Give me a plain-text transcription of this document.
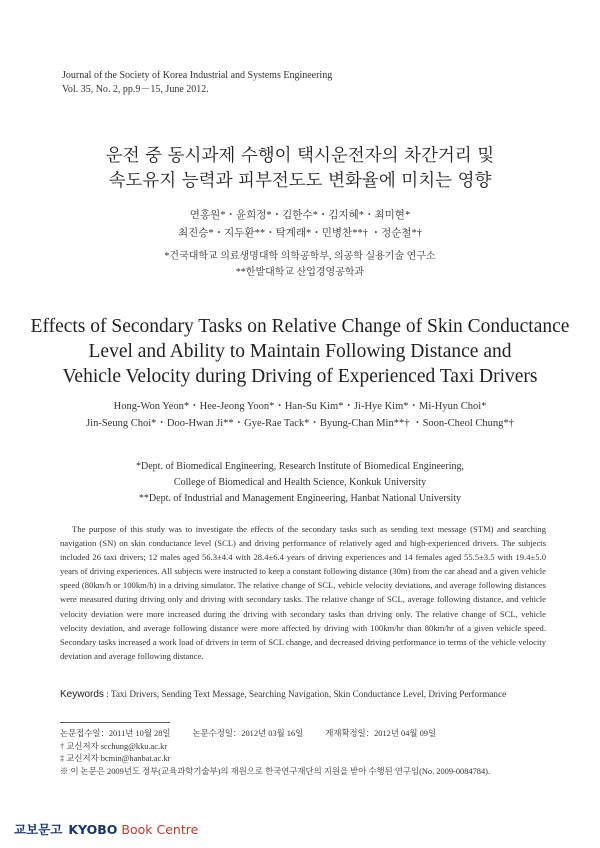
Journal of the Society of Korea Industrial and Systems Engineering
Vol. 35, No. 2, pp.9－15, June 2012.
운전 중 동시과제 수행이 택시운전자의 차간거리 및
속도유지 능력과 피부전도도 변화율에 미치는 영향
연홍원*・윤희정*・김한수*・김지혜*・최미현*
최진승*・지두환**・탁계래*・민병찬**† ・정순철*†
*건국대학교 의료생명대학 의학공학부, 의공학 실용기술 연구소
**한밭대학교 산업경영공학과
Effects of Secondary Tasks on Relative Change of Skin Conductance
Level and Ability to Maintain Following Distance and
Vehicle Velocity during Driving of Experienced Taxi Drivers
Hong-Won Yeon*・Hee-Jeong Yoon*・Han-Su Kim*・Ji-Hye Kim*・Mi-Hyun Choi*
Jin-Seung Choi*・Doo-Hwan Ji**・Gye-Rae Tack*・Byung-Chan Min**† ・Soon-Cheol Chung*†
*Dept. of Biomedical Engineering, Research Institute of Biomedical Engineering,
College of Biomedical and Health Science, Konkuk University
**Dept. of Industrial and Management Engineering, Hanbat National University

The purpose of this study was to investigate the effects of the secondary tasks such as sending text message (STM) and searching navigation (SN) on skin conductance level (SCL) and driving performance of relatively aged and high-experienced drivers. The subjects included 26 taxi drivers; 12 males aged 56.3±4.4 with 28.4±6.4 years of driving experiences and 14 females aged 55.5±3.5 with 19.4±5.0 years of driving experiences. All subjects were instructed to keep a constant following distance (30m) from the car ahead and a given vehicle speed (80km/h or 100km/h) in a driving simulator. The relative change of SCL, vehicle velocity deviations, and average following distances were measured during driving only and driving with secondary tasks. The relative change of SCL, average following distance, and vehicle velocity deviation were more increased during the driving with secondary tasks than driving only. The relative change of SCL, vehicle velocity deviation, and average following distance were more affected by driving with 100km/hr than 80km/hr of a given vehicle speed. Secondary tasks increased a work load of drivers in term of SCL change, and decreased driving performance in terms of the vehicle velocity deviation and average following distance.

Keywords : Taxi Drivers, Sending Text Message, Searching Navigation, Skin Conductance Level, Driving Performance
논문접수일：2011년 10월 28일	논문수정일：2012년 03월 16일	게재확정일：2012년 04월 09일
† 교신저자 scchung@kku.ac.kr
‡ 교신저자 bcmin@hanbat.ac.kr
※ 이 논문은 2009년도 정부(교육과학기술부)의 재원으로 한국연구재단의 지원을 받아 수행된 연구임(No. 2009-0084784).
교보문고 KYOBO Book Centre
